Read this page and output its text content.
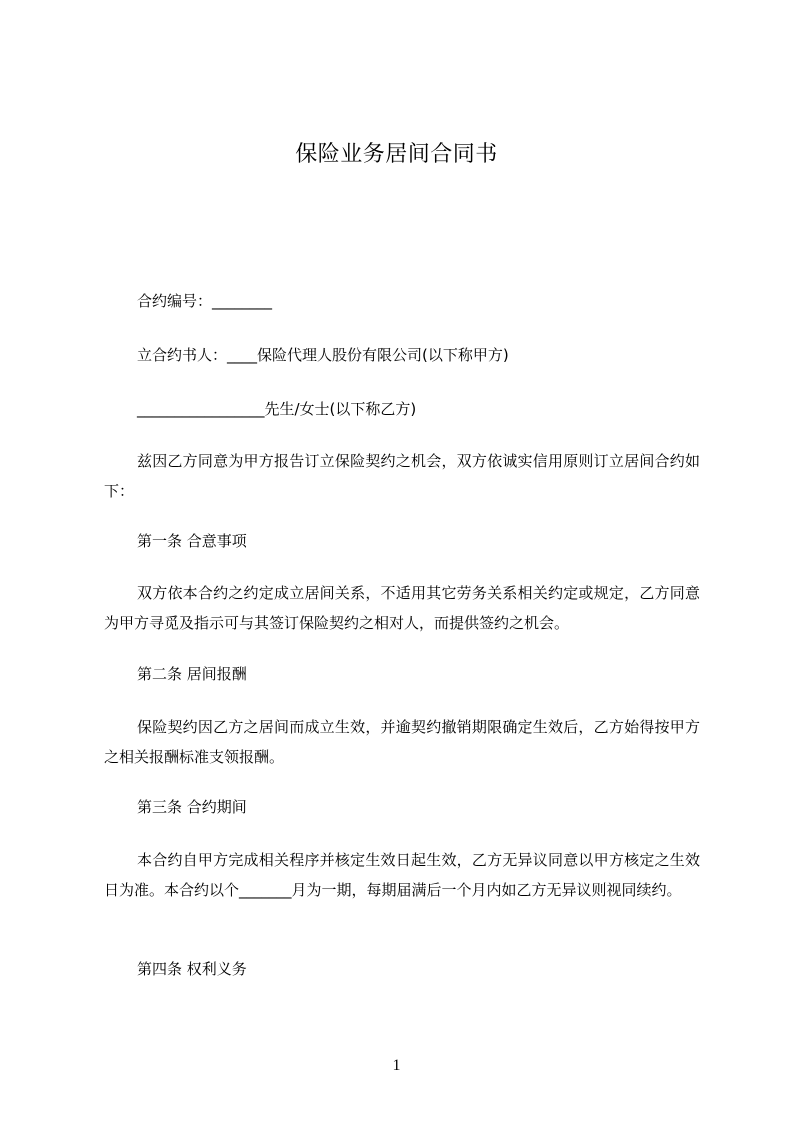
保险业务居间合同书
合约编号：________
立合约书人：____保险代理人股份有限公司(以下称甲方)
_________________先生/女士(以下称乙方)
兹因乙方同意为甲方报告订立保险契约之机会，双方依诚实信用原则订立居间合约如下：
第一条 合意事项
双方依本合约之约定成立居间关系，不适用其它劳务关系相关约定或规定，乙方同意为甲方寻觅及指示可与其签订保险契约之相对人，而提供签约之机会。
第二条 居间报酬
保险契约因乙方之居间而成立生效，并逾契约撤销期限确定生效后，乙方始得按甲方之相关报酬标准支领报酬。
第三条 合约期间
本合约自甲方完成相关程序并核定生效日起生效，乙方无异议同意以甲方核定之生效日为准。本合约以个_______月为一期，每期届满后一个月内如乙方无异议则视同续约。
第四条 权利义务
1
